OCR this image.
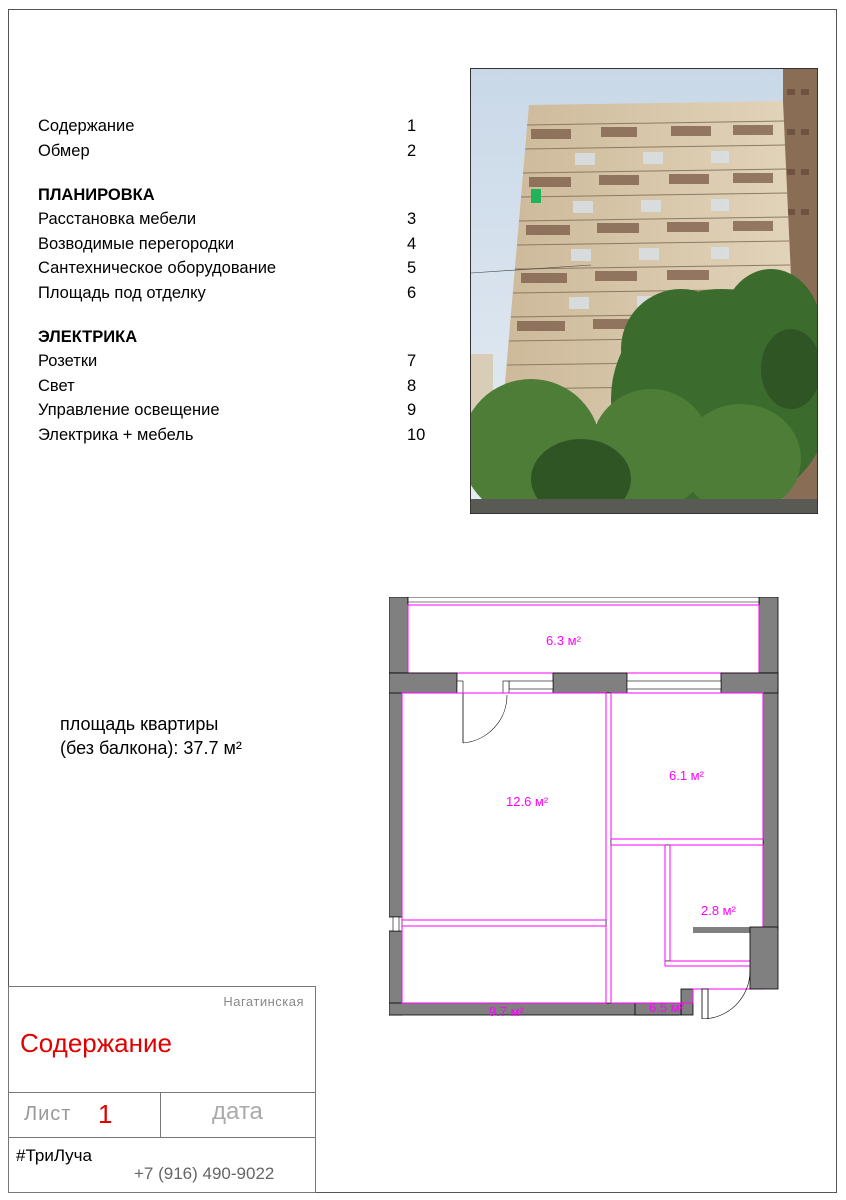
Содержание	1
Обмер	2
ПЛАНИРОВКА
Расстановка мебели	3
Возводимые перегородки	4
Сантехническое оборудование	5
Площадь под отделку	6
ЭЛЕКТРИКА
Розетки	7
Свет	8
Управление освещение	9
Электрика + мебель	10
площадь квартиры
(без балкона): 37.7 м²
6.3 м²
12.6 м²
6.1 м²
2.8 м²
9.7 м²	6.5 м²
Нагатинская
Содержание
Лист 1	дата
#ТриЛуча
+7 (916) 490-9022
